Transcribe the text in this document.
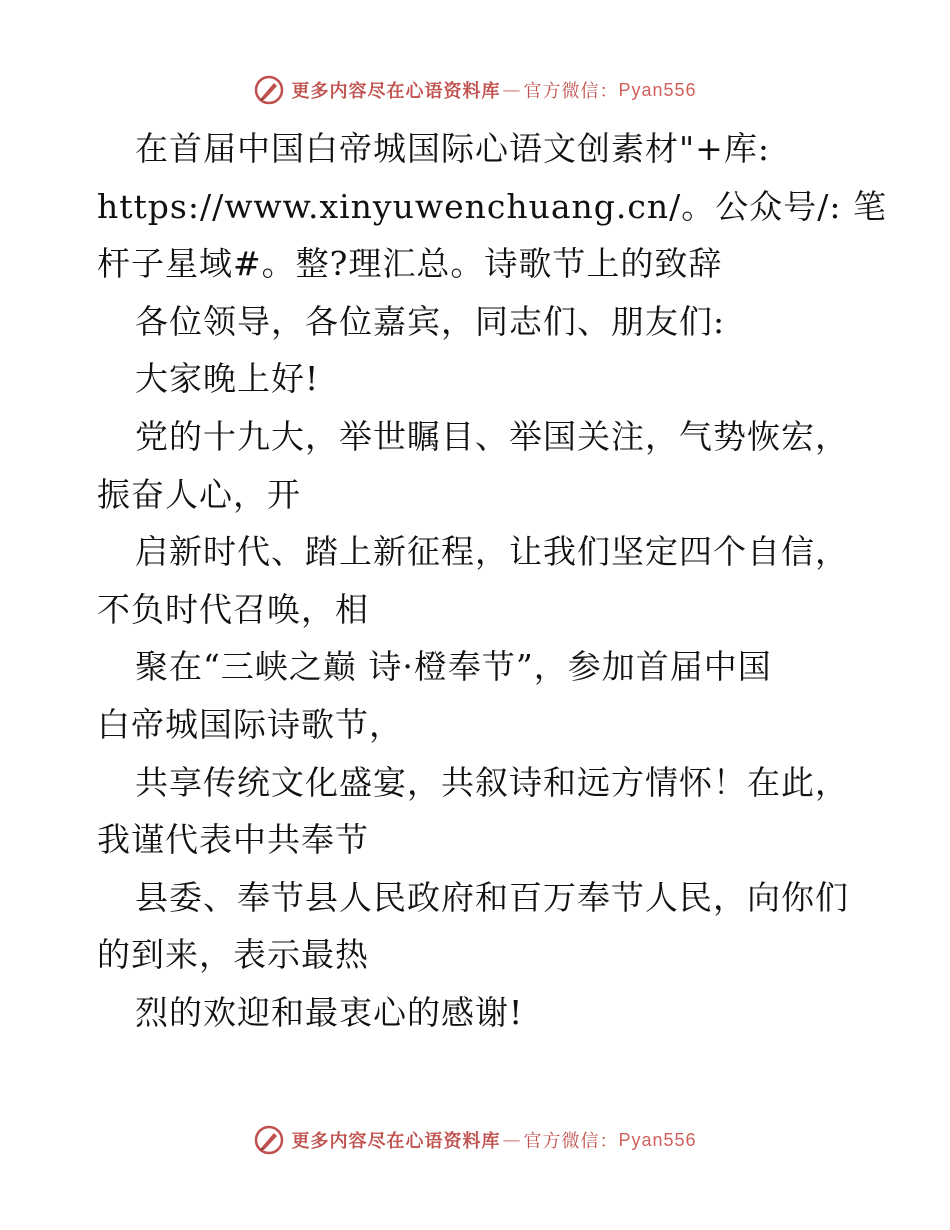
更多内容尽在心语资料库 — 官方微信： Pyan556
在首届中国白帝城国际心语文创素材"+库:
https://www.xinyuwenchuang.cn/。公众号/: 笔
杆子星域#。整?理汇总。诗歌节上的致辞
各位领导，各位嘉宾，同志们、朋友们:
大家晚上好!
党的十九大，举世瞩目、举国关注，气势恢宏，
振奋人心，开
启新时代、踏上新征程，让我们坚定四个自信，
不负时代召唤，相
聚在“三峡之巅 诗·橙奉节”，参加首届中国
白帝城国际诗歌节，
共享传统文化盛宴，共叙诗和远方情怀！在此，
我谨代表中共奉节
县委、奉节县人民政府和百万奉节人民，向你们
的到来，表示最热
烈的欢迎和最衷心的感谢!
更多内容尽在心语资料库 — 官方微信： Pyan556
